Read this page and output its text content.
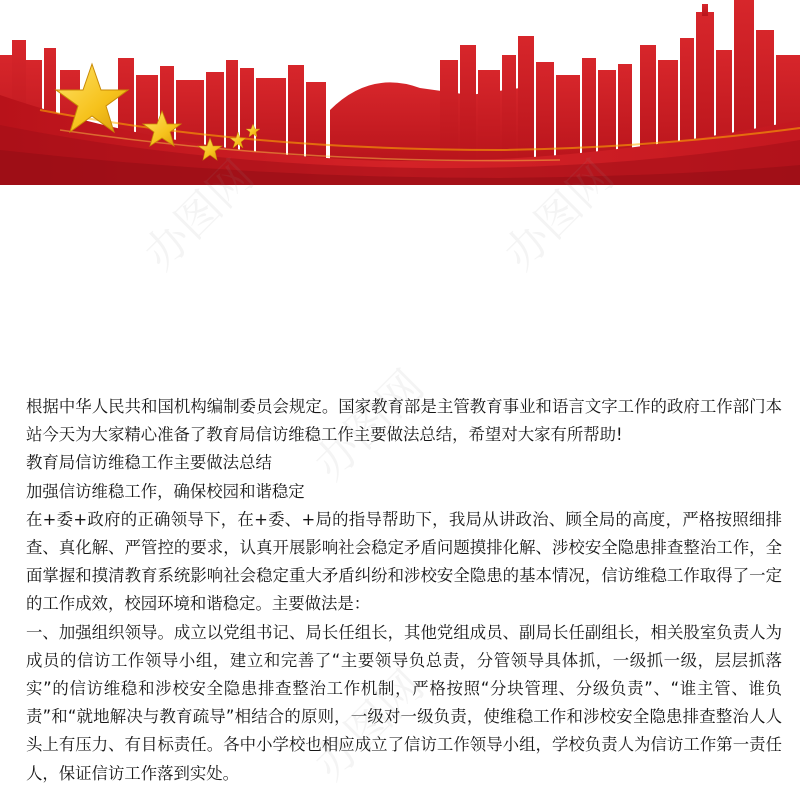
办图网	办图网
办图网
办图网

根据中华人民共和国机构编制委员会规定。国家教育部是主管教育事业和语言文字工作的政府工作部门本站今天为大家精心准备了教育局信访维稳工作主要做法总结，希望对大家有所帮助!

教育局信访维稳工作主要做法总结

加强信访维稳工作，确保校园和谐稳定

在+委+政府的正确领导下，在+委、+局的指导帮助下，我局从讲政治、顾全局的高度，严格按照细排查、真化解、严管控的要求，认真开展影响社会稳定矛盾问题摸排化解、涉校安全隐患排查整治工作，全面掌握和摸清教育系统影响社会稳定重大矛盾纠纷和涉校安全隐患的基本情况，信访维稳工作取得了一定的工作成效，校园环境和谐稳定。主要做法是：

一、加强组织领导。成立以党组书记、局长任组长，其他党组成员、副局长任副组长，相关股室负责人为成员的信访工作领导小组，建立和完善了“主要领导负总责，分管领导具体抓，一级抓一级，层层抓落实”的信访维稳和涉校安全隐患排查整治工作机制，严格按照“分块管理、分级负责”、“谁主管、谁负责”和“就地解决与教育疏导”相结合的原则，一级对一级负责，使维稳工作和涉校安全隐患排查整治人人头上有压力、有目标责任。各中小学校也相应成立了信访工作领导小组，学校负责人为信访工作第一责任人，保证信访工作落到实处。
